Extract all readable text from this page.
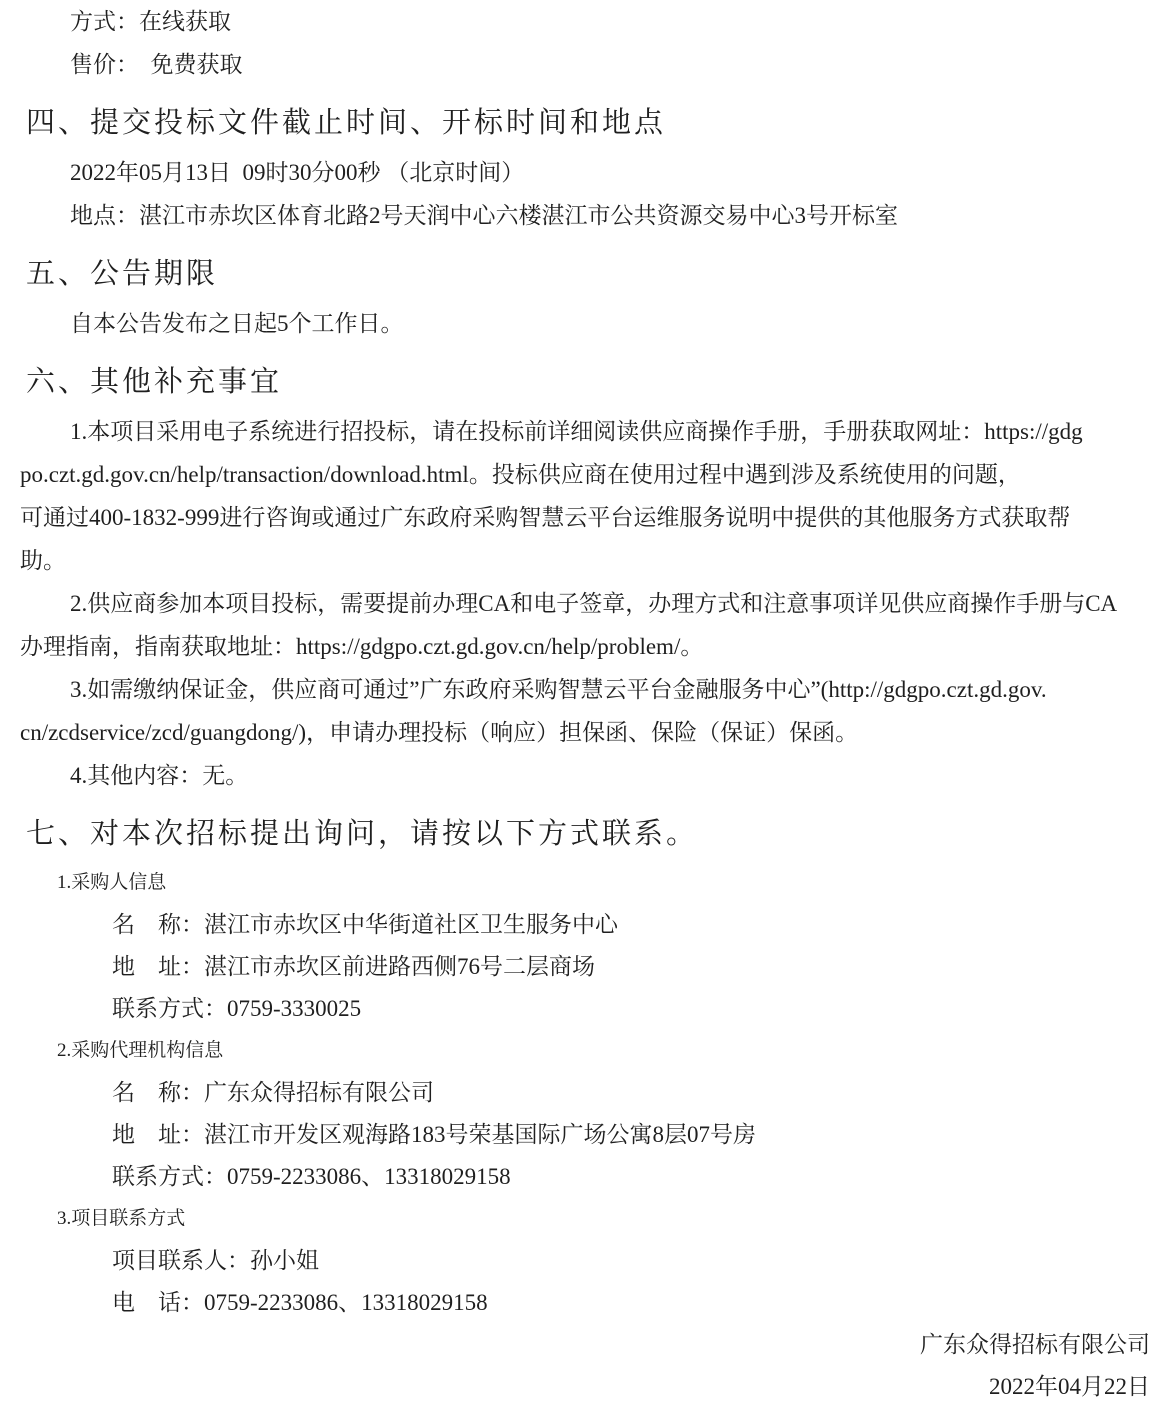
方式：在线获取
售价：　免费获取
四、提交投标文件截止时间、开标时间和地点
2022年05月13日  09时30分00秒 （北京时间）
地点：湛江市赤坎区体育北路2号天润中心六楼湛江市公共资源交易中心3号开标室
五、公告期限
自本公告发布之日起5个工作日。
六、其他补充事宜
1.本项目采用电子系统进行招投标，请在投标前详细阅读供应商操作手册，手册获取网址：https://gdg
po.czt.gd.gov.cn/help/transaction/download.html。投标供应商在使用过程中遇到涉及系统使用的问题，
可通过400-1832-999进行咨询或通过广东政府采购智慧云平台运维服务说明中提供的其他服务方式获取帮
助。
2.供应商参加本项目投标，需要提前办理CA和电子签章，办理方式和注意事项详见供应商操作手册与CA
办理指南，指南获取地址：https://gdgpo.czt.gd.gov.cn/help/problem/。
3.如需缴纳保证金，供应商可通过”广东政府采购智慧云平台金融服务中心”(http://gdgpo.czt.gd.gov.
cn/zcdservice/zcd/guangdong/)，申请办理投标（响应）担保函、保险（保证）保函。
4.其他内容：无。
七、对本次招标提出询问，请按以下方式联系。
1.采购人信息
名　称：湛江市赤坎区中华街道社区卫生服务中心
地　址：湛江市赤坎区前进路西侧76号二层商场
联系方式：0759-3330025
2.采购代理机构信息
名　称：广东众得招标有限公司
地　址：湛江市开发区观海路183号荣基国际广场公寓8层07号房
联系方式：0759-2233086、13318029158
3.项目联系方式
项目联系人：孙小姐
电　话：0759-2233086、13318029158
广东众得招标有限公司
2022年04月22日
